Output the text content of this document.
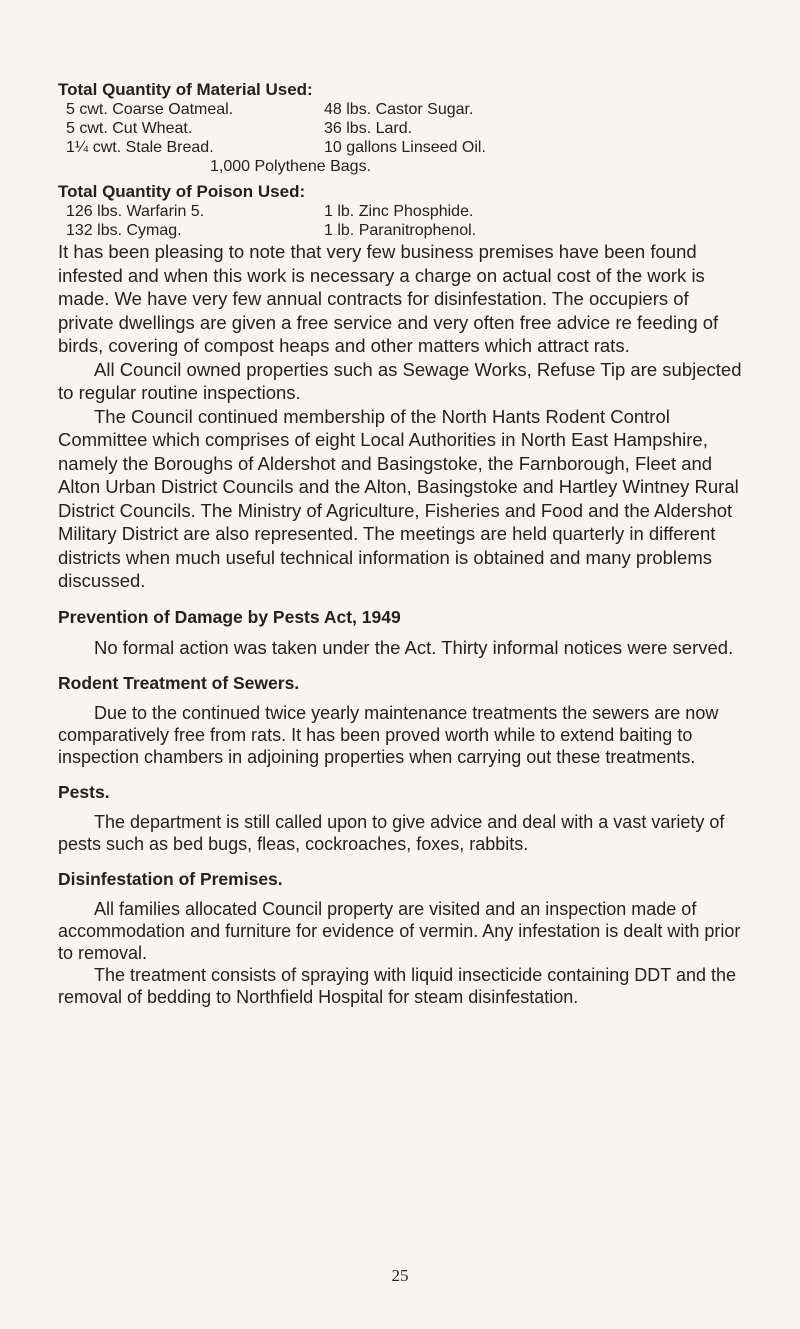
Total Quantity of Material Used:

5 cwt. Coarse Oatmeal.	48 lbs. Castor Sugar.
5 cwt. Cut Wheat.	36 lbs. Lard.
1¼ cwt. Stale Bread.	10 gallons Linseed Oil.
1,000 Polythene Bags.

Total Quantity of Poison Used:

126 lbs. Warfarin 5.	1 lb. Zinc Phosphide.
132 lbs. Cymag.	1 lb. Paranitrophenol.

It has been pleasing to note that very few business premises have been found infested and when this work is necessary a charge on actual cost of the work is made. We have very few annual contracts for disinfestation. The occupiers of private dwellings are given a free service and very often free advice re feeding of birds, covering of compost heaps and other matters which attract rats.

All Council owned properties such as Sewage Works, Refuse Tip are subjected to regular routine inspections.

The Council continued membership of the North Hants Rodent Control Committee which comprises of eight Local Authorities in North East Hampshire, namely the Boroughs of Aldershot and Basingstoke, the Farnborough, Fleet and Alton Urban District Councils and the Alton, Basingstoke and Hartley Wintney Rural District Councils. The Ministry of Agriculture, Fisheries and Food and the Aldershot Military District are also represented. The meetings are held quarterly in different districts when much useful technical information is obtained and many problems discussed.

Prevention of Damage by Pests Act, 1949

No formal action was taken under the Act. Thirty informal notices were served.

Rodent Treatment of Sewers.

Due to the continued twice yearly maintenance treatments the sewers are now comparatively free from rats. It has been proved worth while to extend baiting to inspection chambers in adjoining properties when carrying out these treatments.

Pests.

The department is still called upon to give advice and deal with a vast variety of pests such as bed bugs, fleas, cockroaches, foxes, rabbits.

Disinfestation of Premises.

All families allocated Council property are visited and an inspection made of accommodation and furniture for evidence of vermin. Any infestation is dealt with prior to removal.

The treatment consists of spraying with liquid insecticide containing DDT and the removal of bedding to Northfield Hospital for steam disinfestation.

25
